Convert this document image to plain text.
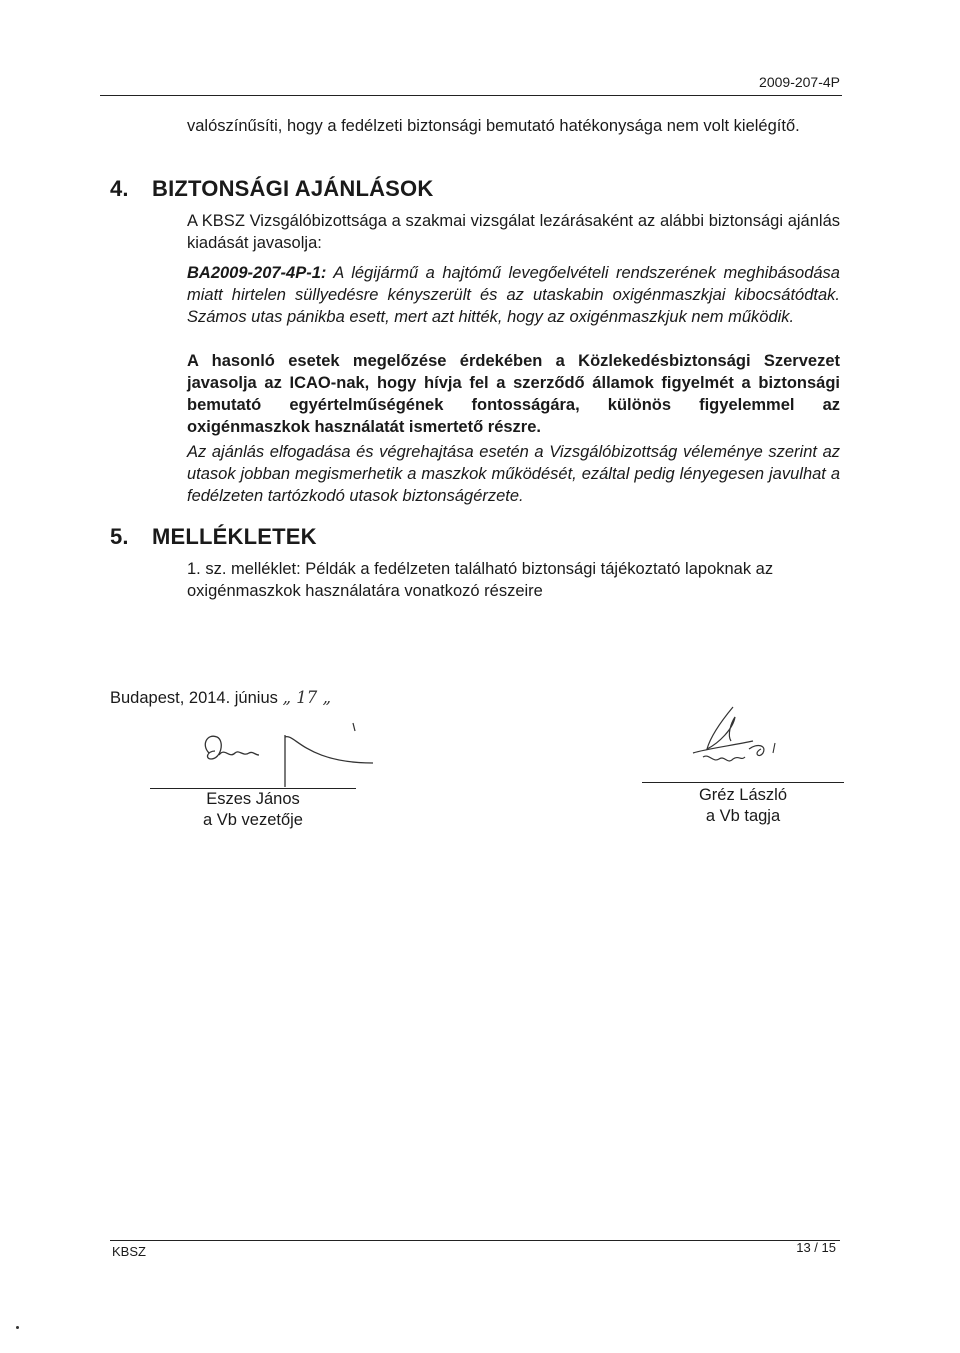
2009-207-4P
valószínűsíti, hogy a fedélzeti biztonsági bemutató hatékonysága nem volt kielégítő.
4. BIZTONSÁGI AJÁNLÁSOK
A KBSZ Vizsgálóbizottsága a szakmai vizsgálat lezárásaként az alábbi biztonsági ajánlás kiadását javasolja:
BA2009-207-4P-1: A légijármű a hajtómű levegőelvételi rendszerének meghibásodása miatt hirtelen süllyedésre kényszerült és az utaskabin oxigénmaszkjai kibocsátódtak. Számos utas pánikba esett, mert azt hitték, hogy az oxigénmaszkjuk nem működik.
A hasonló esetek megelőzése érdekében a Közlekedésbiztonsági Szervezet javasolja az ICAO-nak, hogy hívja fel a szerződő államok figyelmét a biztonsági bemutató egyértelműségének fontosságára, különös figyelemmel az oxigénmaszkok használatát ismertető részre.
Az ajánlás elfogadása és végrehajtása esetén a Vizsgálóbizottság véleménye szerint az utasok jobban megismerhetik a maszkok működését, ezáltal pedig lényegesen javulhat a fedélzeten tartózkodó utasok biztonságérzete.
5. MELLÉKLETEK
1. sz. melléklet: Példák a fedélzeten található biztonsági tájékoztató lapoknak az oxigénmaszkok használatára vonatkozó részeire
Budapest, 2014. június „ 17 „
Eszes János
a Vb vezetője
Gréz László
a Vb tagja
KBSZ	13 / 15
